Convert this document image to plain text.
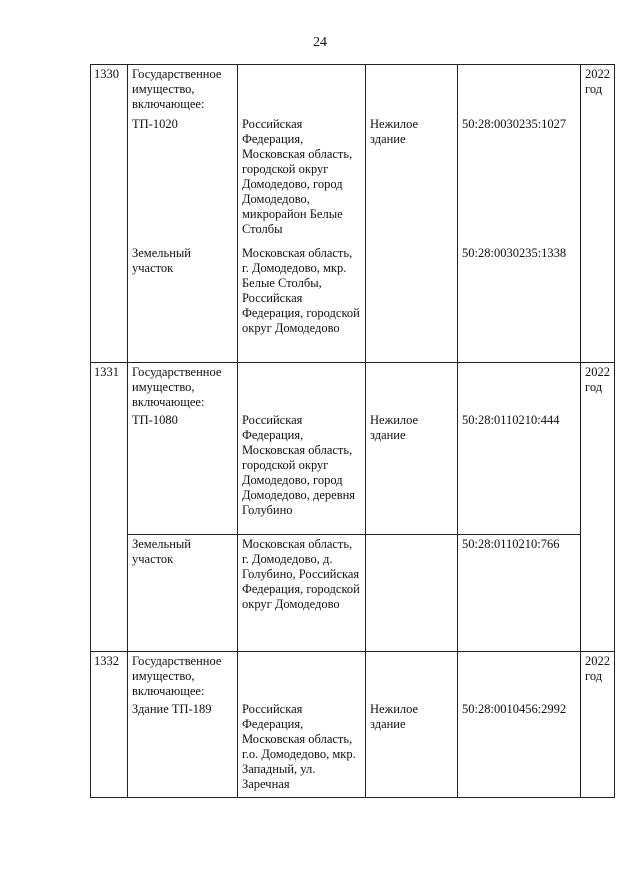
24
1330	Государственное имущество, включающее:				2022 год
	ТП-1020	Российская Федерация, Московская область, городской округ Домодедово, город Домодедово, микрорайон Белые Столбы	Нежилое здание	50:28:0030235:1027	
	Земельный участок	Московская область, г. Домодедово, мкр. Белые Столбы, Российская Федерация, городской округ Домодедово		50:28:0030235:1338	
1331	Государственное имущество, включающее:				2022 год
	ТП-1080	Российская Федерация, Московская область, городской округ Домодедово, город Домодедово, деревня Голубино	Нежилое здание	50:28:0110210:444	
	Земельный участок	Московская область, г. Домодедово, д. Голубино, Российская Федерация, городской округ Домодедово		50:28:0110210:766	
1332	Государственное имущество, включающее:				2022 год
	Здание ТП-189	Российская Федерация, Московская область, г.о. Домодедово, мкр. Западный, ул. Заречная	Нежилое здание	50:28:0010456:2992	
